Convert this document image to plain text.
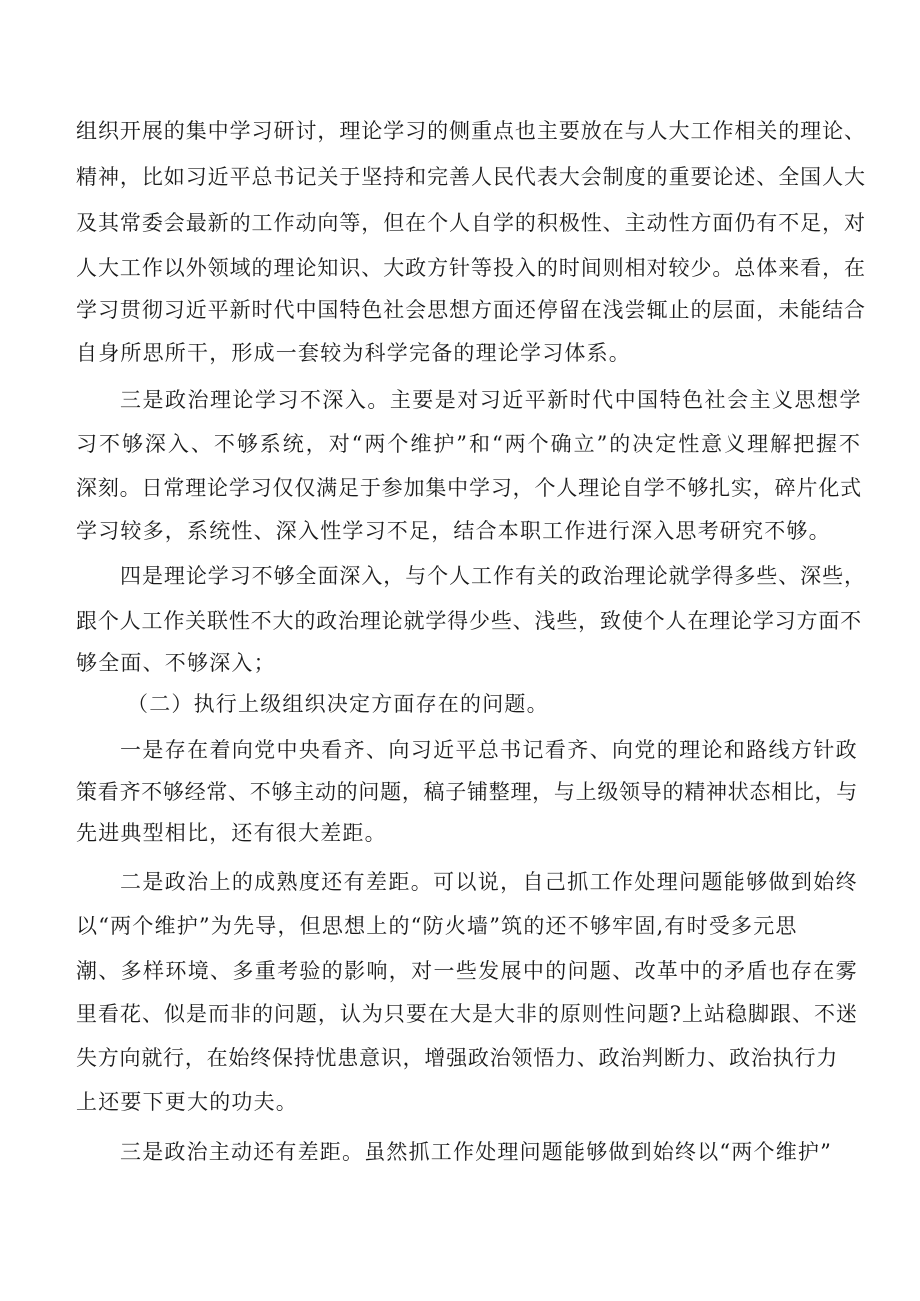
组织开展的集中学习研讨，理论学习的侧重点也主要放在与人大工作相关的理论、
精神，比如习近平总书记关于坚持和完善人民代表大会制度的重要论述、全国人大
及其常委会最新的工作动向等，但在个人自学的积极性、主动性方面仍有不足，对
人大工作以外领域的理论知识、大政方针等投入的时间则相对较少。总体来看，在
学习贯彻习近平新时代中国特色社会思想方面还停留在浅尝辄止的层面，未能结合
自身所思所干，形成一套较为科学完备的理论学习体系。
三是政治理论学习不深入。主要是对习近平新时代中国特色社会主义思想学
习不够深入、不够系统，对“两个维护”和“两个确立”的决定性意义理解把握不
深刻。日常理论学习仅仅满足于参加集中学习，个人理论自学不够扎实，碎片化式
学习较多，系统性、深入性学习不足，结合本职工作进行深入思考研究不够。
四是理论学习不够全面深入，与个人工作有关的政治理论就学得多些、深些，
跟个人工作关联性不大的政治理论就学得少些、浅些，致使个人在理论学习方面不
够全面、不够深入；
（二）执行上级组织决定方面存在的问题。
一是存在着向党中央看齐、向习近平总书记看齐、向党的理论和路线方针政
策看齐不够经常、不够主动的问题，稿子铺整理，与上级领导的精神状态相比，与
先进典型相比，还有很大差距。
二是政治上的成熟度还有差距。可以说，自己抓工作处理问题能够做到始终
以“两个维护”为先导，但思想上的“防火墙”筑的还不够牢固,有时受多元思
潮、多样环境、多重考验的影响，对一些发展中的问题、改革中的矛盾也存在雾
里看花、似是而非的问题，认为只要在大是大非的原则性问题?上站稳脚跟、不迷
失方向就行，在始终保持忧患意识，增强政治领悟力、政治判断力、政治执行力
上还要下更大的功夫。
三是政治主动还有差距。虽然抓工作处理问题能够做到始终以“两个维护”
